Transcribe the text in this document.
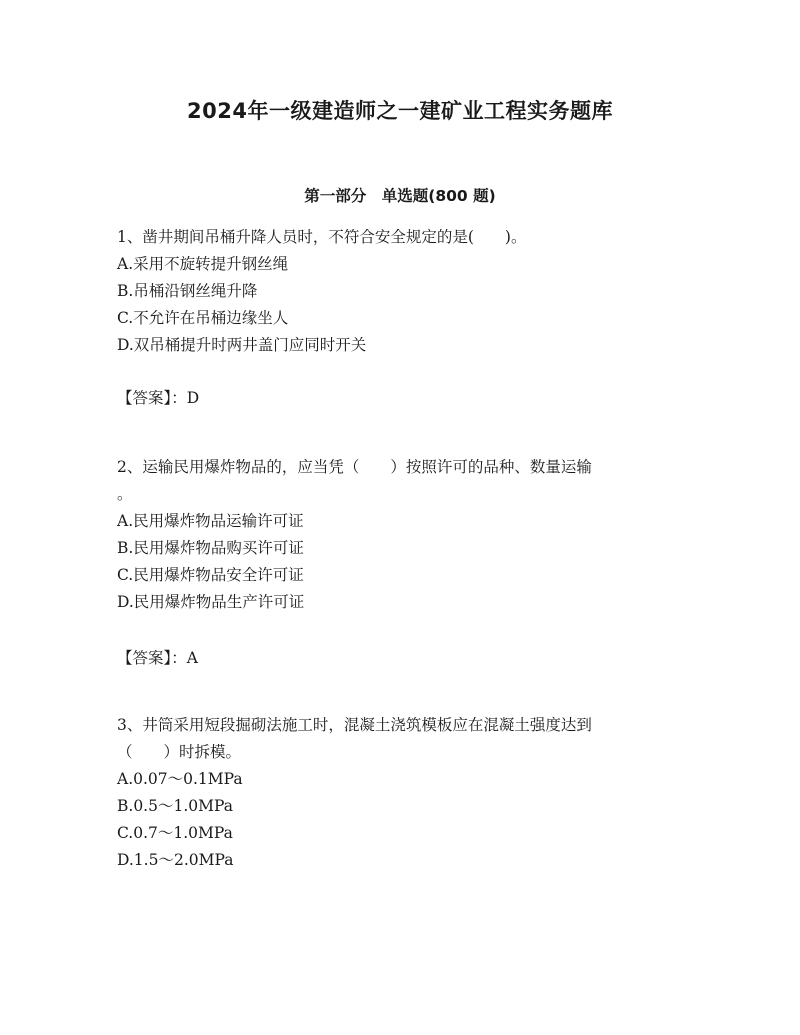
2024年一级建造师之一建矿业工程实务题库
第一部分　单选题(800 题)
1、凿井期间吊桶升降人员时，不符合安全规定的是(　　)。
A.采用不旋转提升钢丝绳
B.吊桶沿钢丝绳升降
C.不允许在吊桶边缘坐人
D.双吊桶提升时两井盖门应同时开关
【答案】：D
2、运输民用爆炸物品的，应当凭（　　）按照许可的品种、数量运输
。
A.民用爆炸物品运输许可证
B.民用爆炸物品购买许可证
C.民用爆炸物品安全许可证
D.民用爆炸物品生产许可证
【答案】：A
3、井筒采用短段掘砌法施工时，混凝土浇筑模板应在混凝土强度达到
（　　）时拆模。
A.0.07～0.1MPa
B.0.5～1.0MPa
C.0.7～1.0MPa
D.1.5～2.0MPa
